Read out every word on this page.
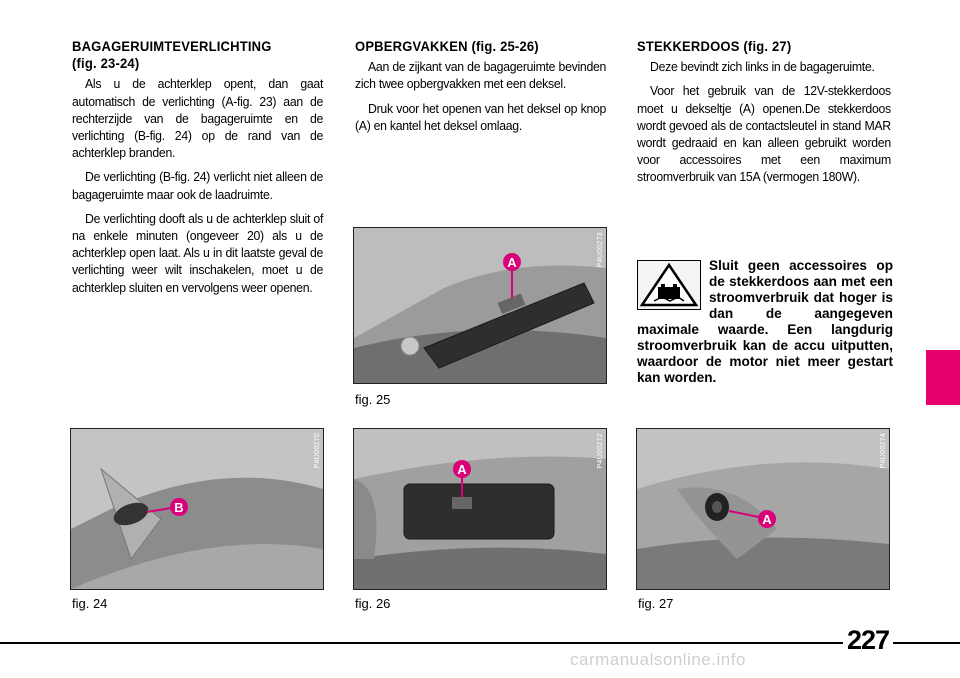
BAGAGERUIMTEVERLICHTING
(fig. 23-24)

Als u de achterklep opent, dan gaat automatisch de verlichting (A-fig. 23) aan de rechterzijde van de bagageruimte en de verlichting (B-fig. 24) op de rand van de achterklep branden.

De verlichting (B-fig. 24) verlicht niet alleen de bagageruimte maar ook de laadruimte.

De verlichting dooft als u de achterklep sluit of na enkele minuten (ongeveer 20) als u de achterklep open laat. Als u in dit laatste geval de verlichting weer wilt inschakelen, moet u de achterklep sluiten en vervolgens weer openen.

OPBERGVAKKEN (fig. 25-26)

Aan de zijkant van de bagageruimte bevinden zich twee opbergvakken met een deksel.

Druk voor het openen van het deksel op knop (A) en kantel het deksel omlaag.

STEKKERDOOS (fig. 27)

Deze bevindt zich links in de bagageruimte.

Voor het gebruik van de 12V-stekkerdoos moet u dekseltje (A) openen.De stekkerdoos wordt gevoed als de contactsleutel in stand MAR wordt gedraaid en kan alleen gebruikt worden voor accessoires met een maximum stroomverbruik van 15A (vermogen 180W).

Sluit geen accessoires op de stekkerdoos aan met een stroomverbruik dat hoger is dan de aangegeven maximale waarde. Een langdurig stroomverbruik kan de accu uitputten, waardoor de motor niet meer gestart kan worden.
A	P4U00273
fig. 25
B
P4U00270
fig. 24
A
P4U00272
fig. 26
A
P4U00274
fig. 27
227
carmanualsonline.info
